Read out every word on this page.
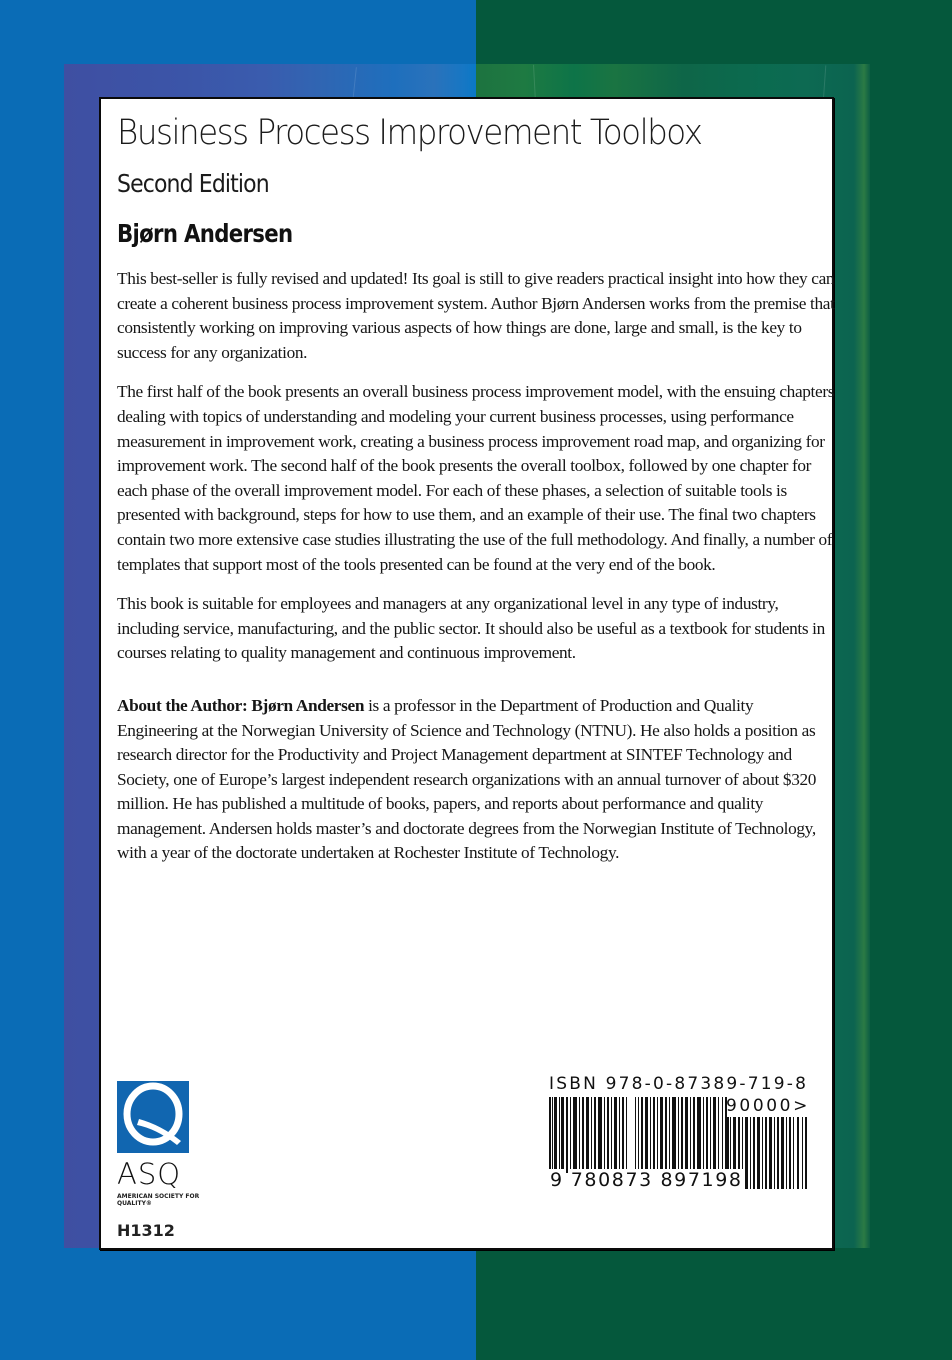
Business Process Improvement Toolbox
Second Edition
Bjørn Andersen

This best-seller is fully revised and updated! Its goal is still to give readers practical insight into how they can create a coherent business process improvement system. Author Bjørn Andersen works from the premise that consistently working on improving various aspects of how things are done, large and small, is the key to success for any organization.

The first half of the book presents an overall business process improvement model, with the ensuing chapters dealing with topics of understanding and modeling your current business processes, using performance measurement in improvement work, creating a business process improvement road map, and organizing for improvement work. The second half of the book presents the overall toolbox, followed by one chapter for each phase of the overall improvement model. For each of these phases, a selection of suitable tools is presented with background, steps for how to use them, and an example of their use. The final two chapters contain two more extensive case studies illustrating the use of the full methodology. And finally, a number of templates that support most of the tools presented can be found at the very end of the book.

This book is suitable for employees and managers at any organizational level in any type of industry, including service, manufacturing, and the public sector. It should also be useful as a textbook for students in courses relating to quality management and continuous improvement.

About the Author: Bjørn Andersen is a professor in the Department of Production and Quality Engineering at the Norwegian University of Science and Technology (NTNU). He also holds a position as research director for the Productivity and Project Management department at SINTEF Technology and Society, one of Europe’s largest independent research organizations with an annual turnover of about $320 million. He has published a multitude of books, papers, and reports about performance and quality management. Andersen holds master’s and doctorate degrees from the Norwegian Institute of Technology, with a year of the doctorate undertaken at Rochester Institute of Technology.

ASQ
AMERICAN SOCIETY FOR QUALITY®
H1312
ISBN 978-0-87389-719-8
90000>
9 780873 897198
